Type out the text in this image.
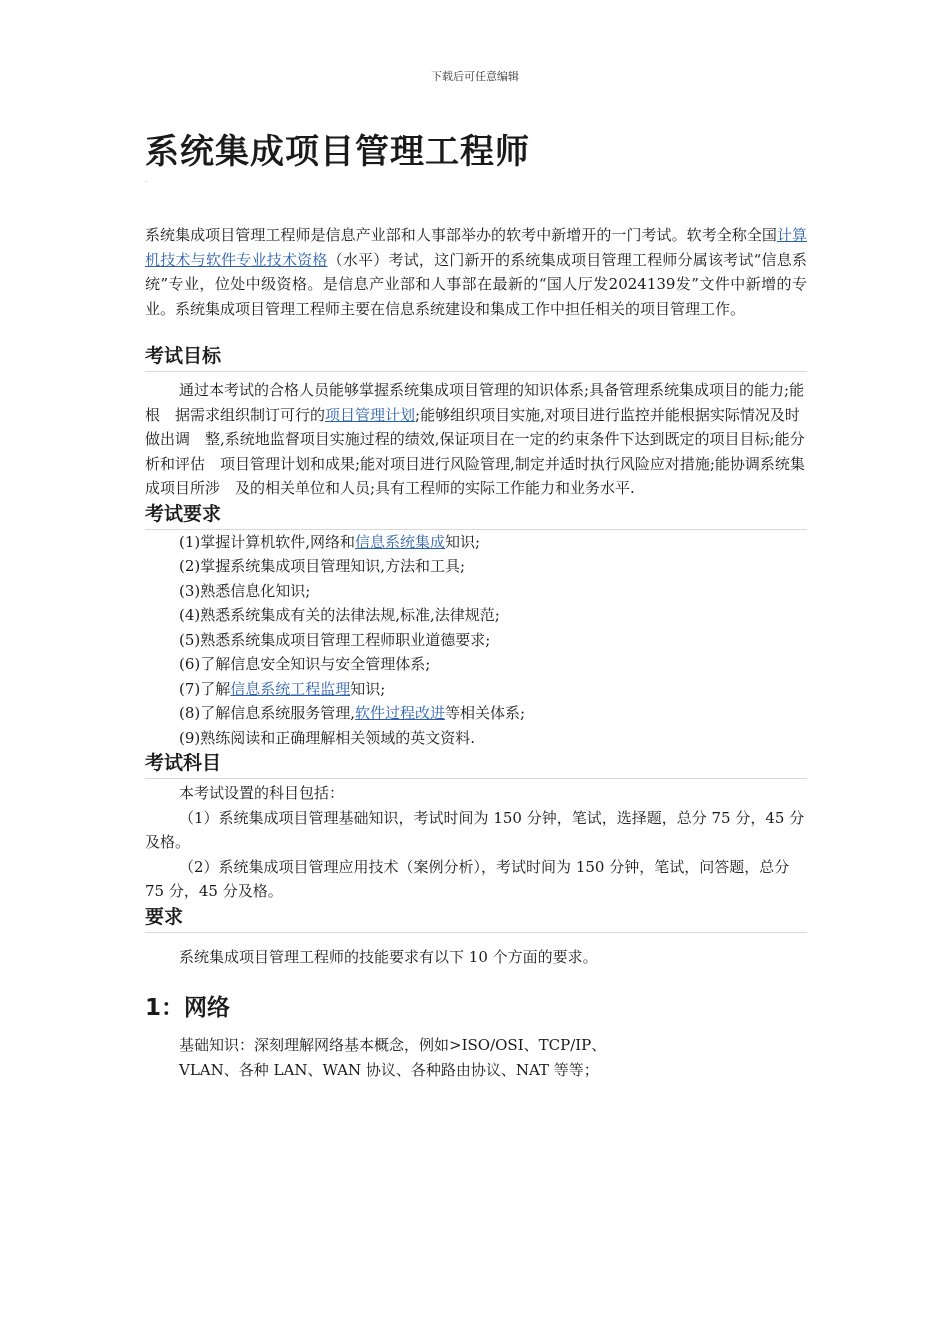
下载后可任意编辑
系统集成项目管理工程师
-

系统集成项目管理工程师是信息产业部和人事部举办的软考中新增开的一门考试。软考全称全国计算机技术与软件专业技术资格（水平）考试，这门新开的系统集成项目管理工程师分属该考试“信息系统”专业，位处中级资格。是信息产业部和人事部在最新的“国人厅发2024139发”文件中新增的专业。系统集成项目管理工程师主要在信息系统建设和集成工作中担任相关的项目管理工作。

考试目标

通过本考试的合格人员能够掌握系统集成项目管理的知识体系;具备管理系统集成项目的能力;能根　据需求组织制订可行的项目管理计划;能够组织项目实施,对项目进行监控并能根据实际情况及时做出调　整,系统地监督项目实施过程的绩效,保证项目在一定的约束条件下达到既定的项目目标;能分析和评估　项目管理计划和成果;能对项目进行风险管理,制定并适时执行风险应对措施;能协调系统集成项目所涉　及的相关单位和人员;具有工程师的实际工作能力和业务水平.

考试要求

(1)掌握计算机软件,网络和信息系统集成知识;

(2)掌握系统集成项目管理知识,方法和工具;

(3)熟悉信息化知识;

(4)熟悉系统集成有关的法律法规,标准,法律规范;

(5)熟悉系统集成项目管理工程师职业道德要求;

(6)了解信息安全知识与安全管理体系;

(7)了解信息系统工程监理知识;

(8)了解信息系统服务管理,软件过程改进等相关体系;

(9)熟练阅读和正确理解相关领域的英文资料.

考试科目

本考试设置的科目包括：

（1）系统集成项目管理基础知识，考试时间为 150 分钟，笔试，选择题，总分 75 分，45 分及格。

（2）系统集成项目管理应用技术（案例分析），考试时间为 150 分钟，笔试，问答题，总分 75 分，45 分及格。

要求

系统集成项目管理工程师的技能要求有以下 10 个方面的要求。

1：网络

基础知识：深刻理解网络基本概念，例如>ISO/OSI、TCP/IP、

VLAN、各种 LAN、WAN 协议、各种路由协议、NAT 等等；
